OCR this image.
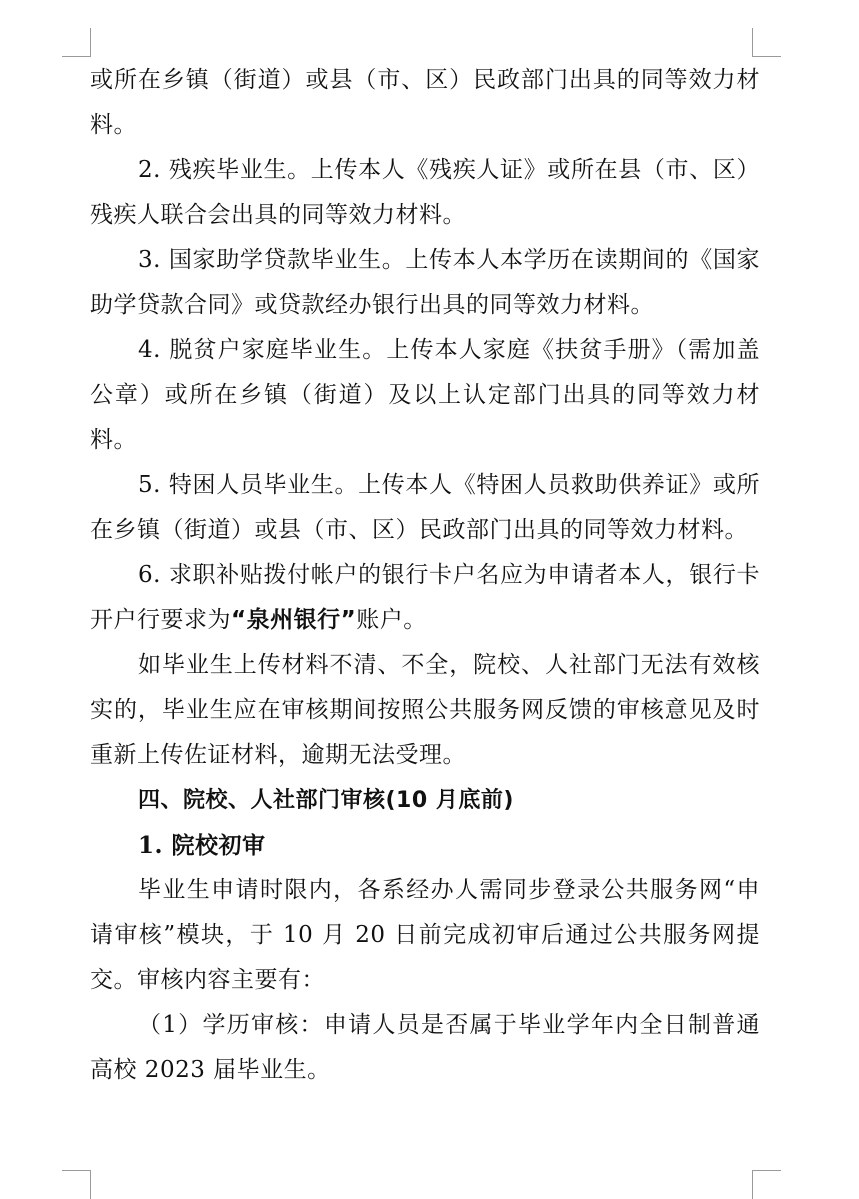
或所在乡镇（街道）或县（市、区）民政部门出具的同等效力材料。

2. 残疾毕业生。上传本人《残疾人证》或所在县（市、区）残疾人联合会出具的同等效力材料。

3. 国家助学贷款毕业生。上传本人本学历在读期间的《国家助学贷款合同》或贷款经办银行出具的同等效力材料。

4. 脱贫户家庭毕业生。上传本人家庭《扶贫手册》（需加盖公章）或所在乡镇（街道）及以上认定部门出具的同等效力材料。

5. 特困人员毕业生。上传本人《特困人员救助供养证》或所在乡镇（街道）或县（市、区）民政部门出具的同等效力材料。

6. 求职补贴拨付帐户的银行卡户名应为申请者本人，银行卡开户行要求为“泉州银行”账户。

如毕业生上传材料不清、不全，院校、人社部门无法有效核实的，毕业生应在审核期间按照公共服务网反馈的审核意见及时重新上传佐证材料，逾期无法受理。

四、院校、人社部门审核(10 月底前)

1. 院校初审

毕业生申请时限内，各系经办人需同步登录公共服务网“申请审核”模块，于 10 月 20 日前完成初审后通过公共服务网提交。审核内容主要有：

（1）学历审核：申请人员是否属于毕业学年内全日制普通高校 2023 届毕业生。
